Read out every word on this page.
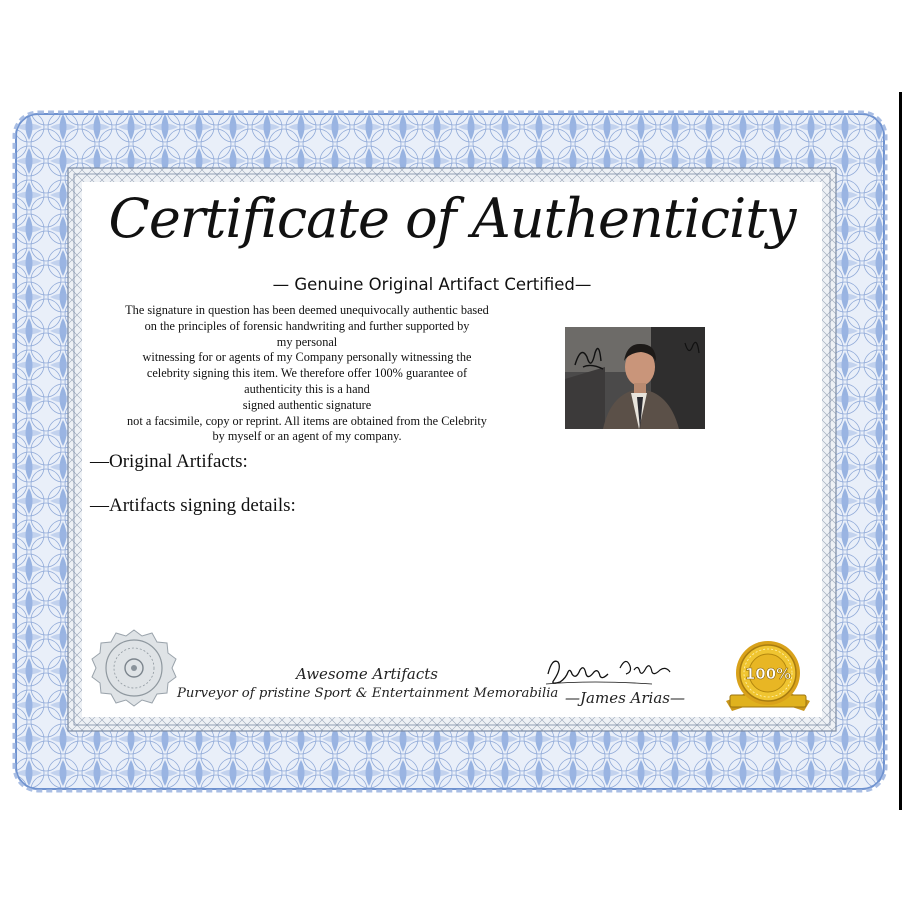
Certificate of Authenticity
— Genuine Original Artifact Certified—
The signature in question has been deemed unequivocally authentic based
on the principles of forensic handwriting and further supported by
my personal
witnessing for or agents of my Company personally witnessing the
celebrity signing this item. We therefore offer 100% guarantee of
authenticity this is a hand
signed authentic signature
not a facsimile, copy or reprint. All items are obtained from the Celebrity
by myself or an agent of my company.
—Original Artifacts:
—Artifacts signing details:
Awesome Artifacts
Purveyor of pristine Sport & Entertainment Memorabilia —James Arias—
100%
